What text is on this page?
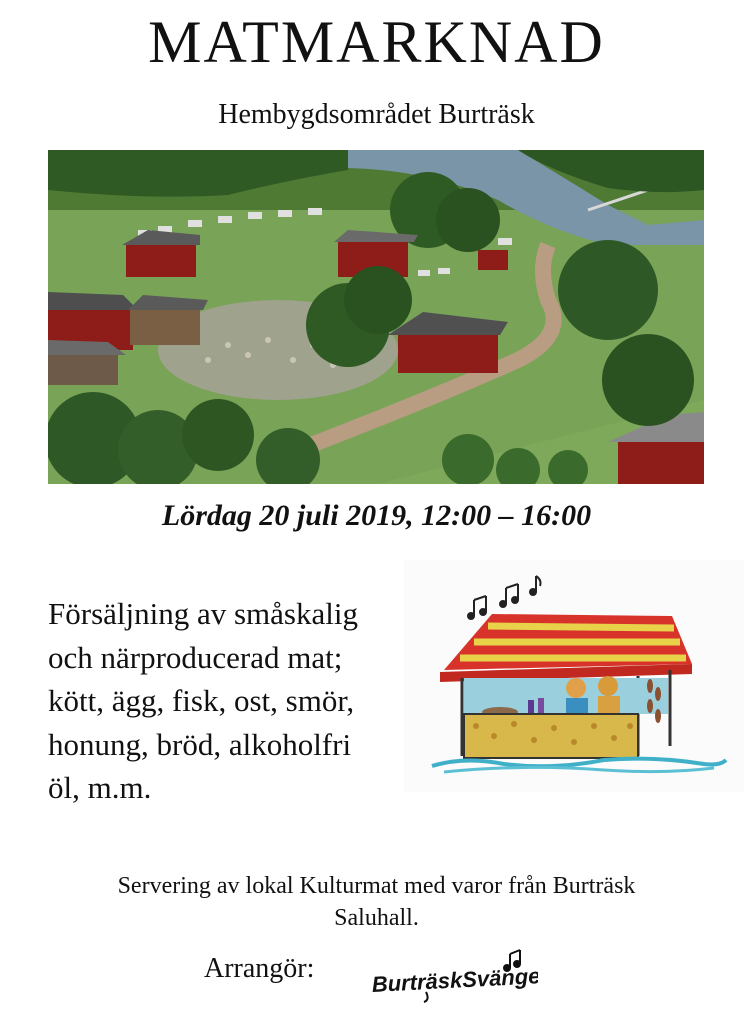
MATMARKNAD
Hembygdsområdet Burträsk
Lördag 20 juli 2019, 12:00 – 16:00
Försäljning av småskalig
och närproducerad mat;
kött, ägg, fisk, ost, smör,
honung, bröd, alkoholfri
öl, m.m.
Servering av lokal Kulturmat med varor från Burträsk
Saluhall.
Arrangör:	BurträskSvängen
